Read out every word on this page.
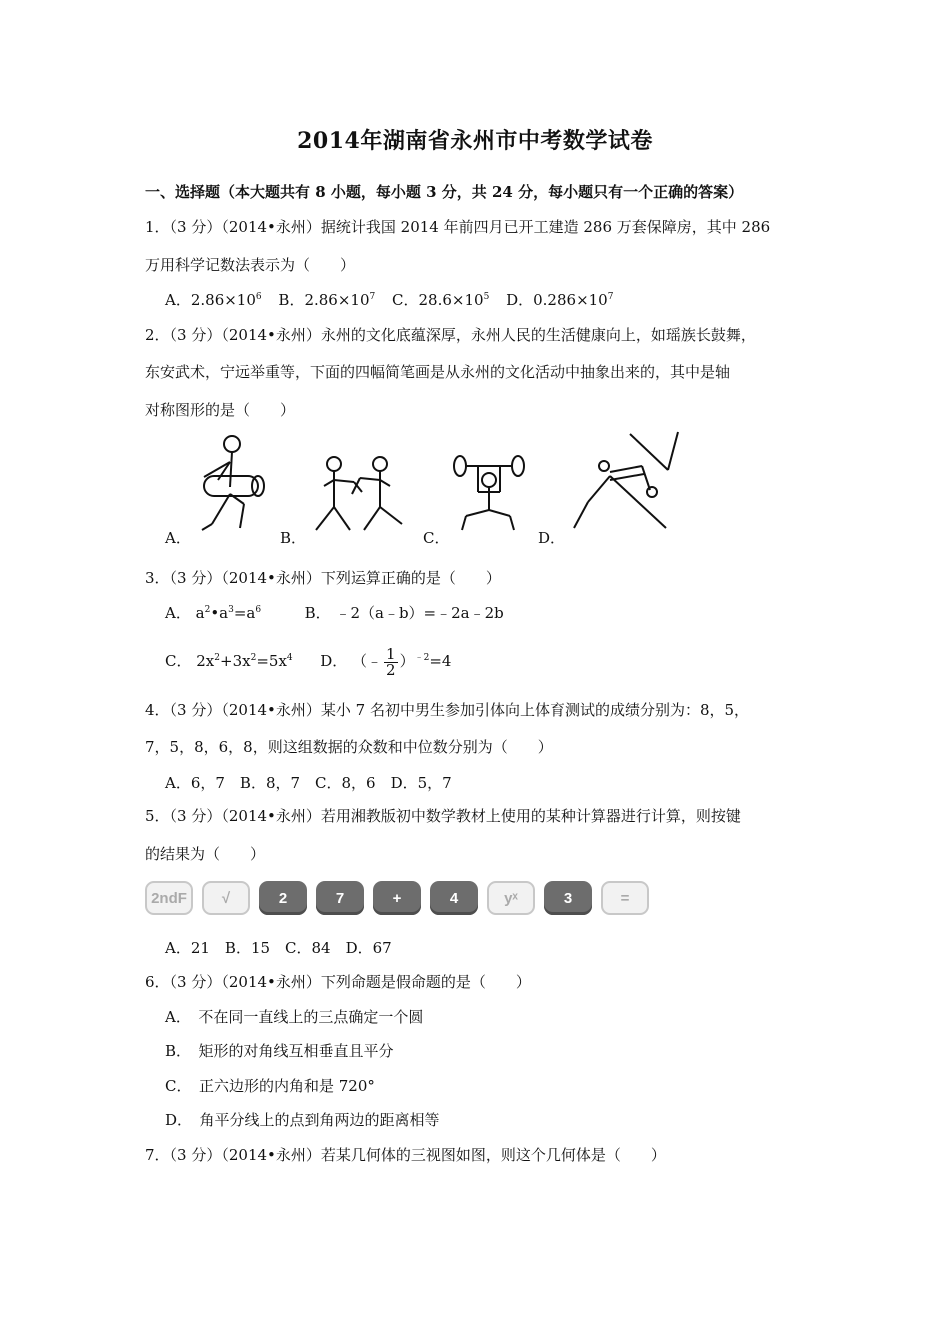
2014年湖南省永州市中考数学试卷
一、选择题（本大题共有 8 小题，每小题 3 分，共 24 分，每小题只有一个正确的答案）
1．（3 分）（2014•永州）据统计我国 2014 年前四月已开工建造 286 万套保障房，其中 286
万用科学记数法表示为（　　）
A．$2.86\times 10^6$ B．$2.86\times 10^7$ C．$28.6\times 10^5$ D．$0.286\times 10^7$
2．（3 分）（2014•永州）永州的文化底蕴深厚，永州人民的生活健康向上，如瑶族长鼓舞，
东安武术，宁远举重等，下面的四幅简笔画是从永州的文化活动中抽象出来的，其中是轴
对称图形的是（　　）
A．	B．	C．	D．
3．（3 分）（2014•永州）下列运算正确的是（　　）
A． $a^2•a^3=a^6$	B． ﹣2（a﹣b）=﹣2a﹣2b
C． $2x^2+3x^2=5x^4$ D． （﹣ $\frac{1}{2} )^{﹣2}=4$
4．（3 分）（2014•永州）某小 7 名初中男生参加引体向上体育测试的成绩分别为：8，5，
7，5，8，6，8，则这组数据的众数和中位数分别为（　　）
A．6，7　B．8，7　C．8，6　D．5，7
5．（3 分）（2014•永州）若用湘教版初中数学教材上使用的某种计算器进行计算，则按键
的结果为（　　）
2ndF	√	2	7	+	4	yˣ	3	=
A．21　B．15　C．84　D．67
6．（3 分）（2014•永州）下列命题是假命题的是（　　）
A．　不在同一直线上的三点确定一个圆
B．　矩形的对角线互相垂直且平分
C．　正六边形的内角和是 720°
D．　角平分线上的点到角两边的距离相等
7．（3 分）（2014•永州）若某几何体的三视图如图，则这个几何体是（　　）
